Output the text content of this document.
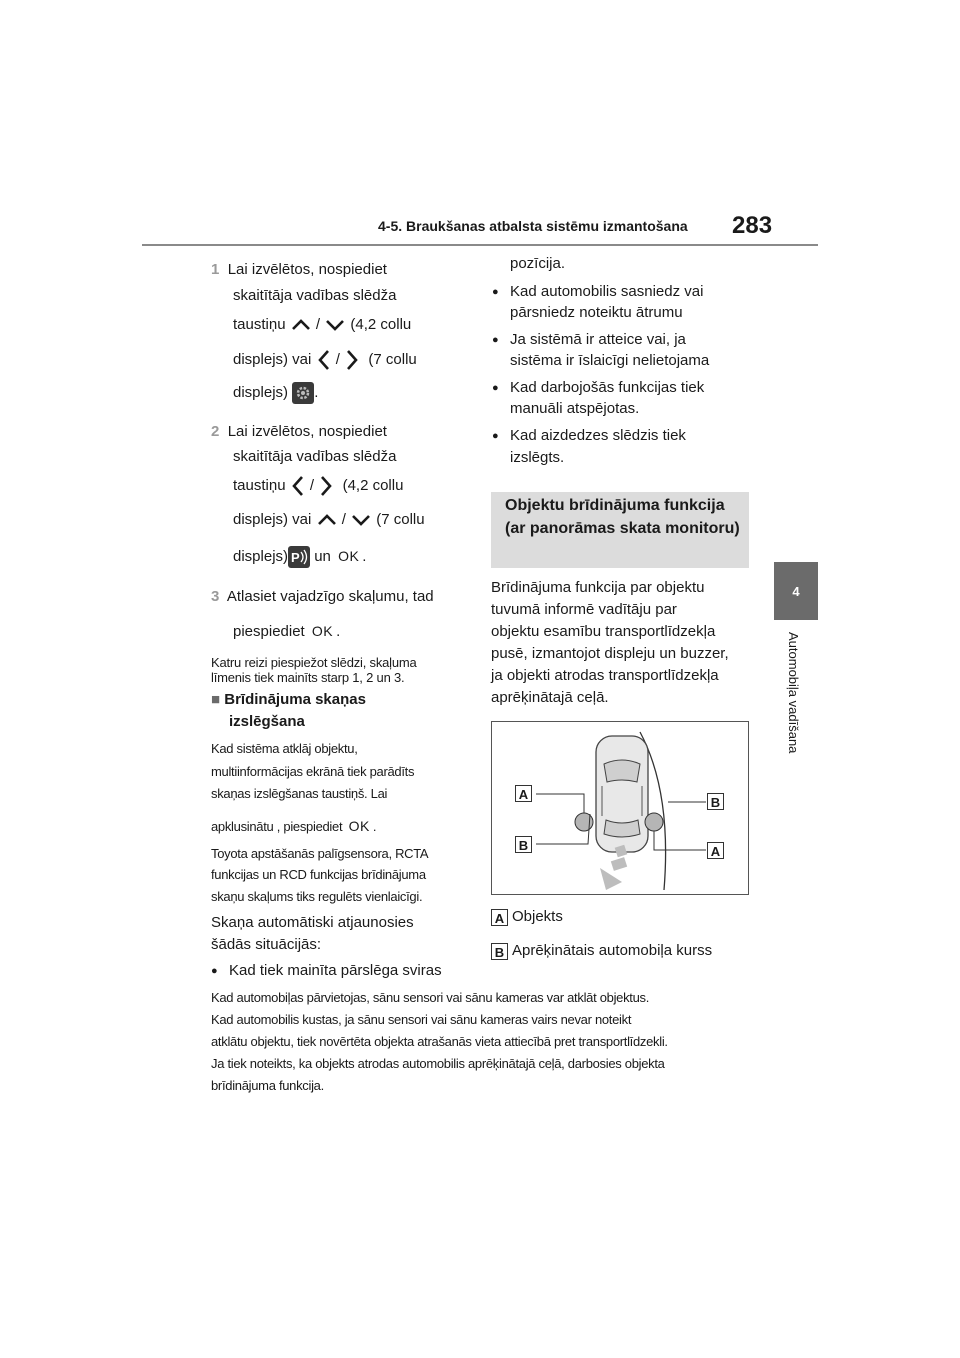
4-5. Braukšanas atbalsta sistēmu izmantošana 283
4
Automobiļa vadīšana
1 Lai izvēlētos, nospiediet
skaitītāja vadības slēdža
taustiņu / (4,2 collu
displejs) vai / (7 collu
displejs) .
2 Lai izvēlētos, nospiediet
skaitītāja vadības slēdža
taustiņu / (4,2 collu
displejs) vai / (7 collu
displejs) P un OK .
3 Atlasiet vajadzīgo skaļumu, tad
piespiediet OK .
Katru reizi piespiežot slēdzi, skaļuma
līmenis tiek mainīts starp 1, 2 un 3.
■ Brīdinājuma skaņas
izslēgšana
Kad sistēma atklāj objektu,
multiinformācijas ekrānā tiek parādīts
skaņas izslēgšanas taustiņš. Lai
apklusinātu , piespiediet OK .
Toyota apstāšanās palīgsensora, RCTA
funkcijas un RCD funkcijas brīdinājuma
skaņu skaļums tiks regulēts vienlaicīgi.
Skaņa automātiski atjaunosies
šādās situācijās:
● Kad tiek mainīta pārslēga sviras
pozīcija.
● Kad automobilis sasniedz vai
pārsniedz noteiktu ātrumu
● Ja sistēmā ir atteice vai, ja
sistēma ir īslaicīgi nelietojama
● Kad darbojošās funkcijas tiek
manuāli atspējotas.
● Kad aizdedzes slēdzis tiek
izslēgts.
Objektu brīdinājuma funkcija (ar panorāmas skata monitoru)
Brīdinājuma funkcija par objektu
tuvumā informē vadītāju par
objektu esamību transportlīdzekļa
pusē, izmantojot displeju un buzzer,
ja objekti atrodas transportlīdzekļa
aprēķinātajā ceļā.
A
B
B
A
A Objekts
B Aprēķinātais automobiļa kurss
Kad automobiļas pārvietojas, sānu sensori vai sānu kameras var atklāt objektus.
Kad automobilis kustas, ja sānu sensori vai sānu kameras vairs nevar noteikt
atklātu objektu, tiek novērtēta objekta atrašanās vieta attiecībā pret transportlīdzekli.
Ja tiek noteikts, ka objekts atrodas automobilis aprēķinātajā ceļā, darbosies objekta
brīdinājuma funkcija.
